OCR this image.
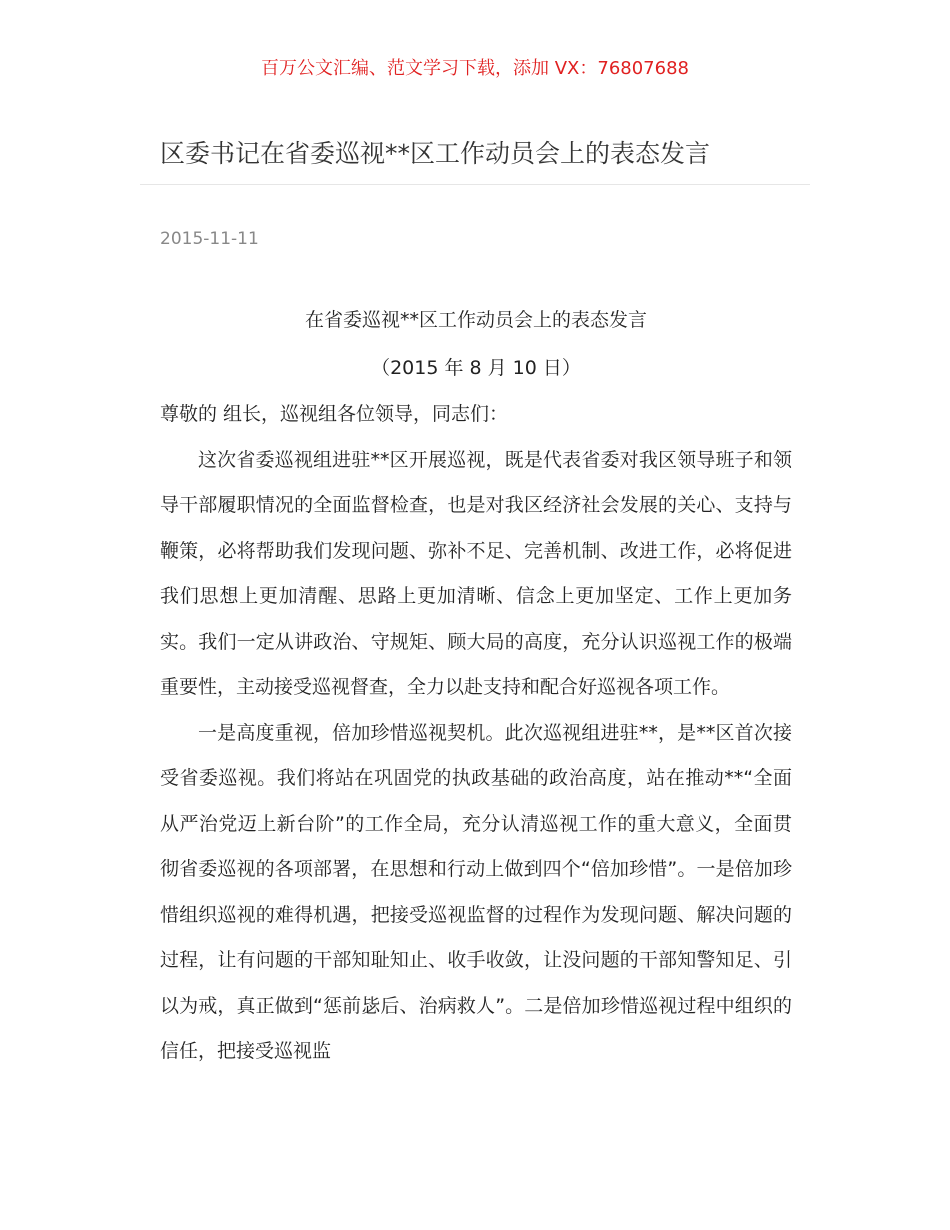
百万公文汇编、范文学习下载，添加 VX：76807688
区委书记在省委巡视**区工作动员会上的表态发言
2015-11-11
在省委巡视**区工作动员会上的表态发言
（2015 年 8 月 10 日）

尊敬的 组长，巡视组各位领导，同志们：

这次省委巡视组进驻**区开展巡视，既是代表省委对我区领导班子和领导干部履职情况的全面监督检查，也是对我区经济社会发展的关心、支持与鞭策，必将帮助我们发现问题、弥补不足、完善机制、改进工作，必将促进我们思想上更加清醒、思路上更加清晰、信念上更加坚定、工作上更加务实。我们一定从讲政治、守规矩、顾大局的高度，充分认识巡视工作的极端重要性，主动接受巡视督查，全力以赴支持和配合好巡视各项工作。

一是高度重视，倍加珍惜巡视契机。此次巡视组进驻**，是**区首次接受省委巡视。我们将站在巩固党的执政基础的政治高度，站在推动**“全面从严治党迈上新台阶”的工作全局，充分认清巡视工作的重大意义，全面贯彻省委巡视的各项部署，在思想和行动上做到四个“倍加珍惜”。一是倍加珍惜组织巡视的难得机遇，把接受巡视监督的过程作为发现问题、解决问题的过程，让有问题的干部知耻知止、收手收敛，让没问题的干部知警知足、引以为戒，真正做到“惩前毖后、治病救人”。二是倍加珍惜巡视过程中组织的信任，把接受巡视监
